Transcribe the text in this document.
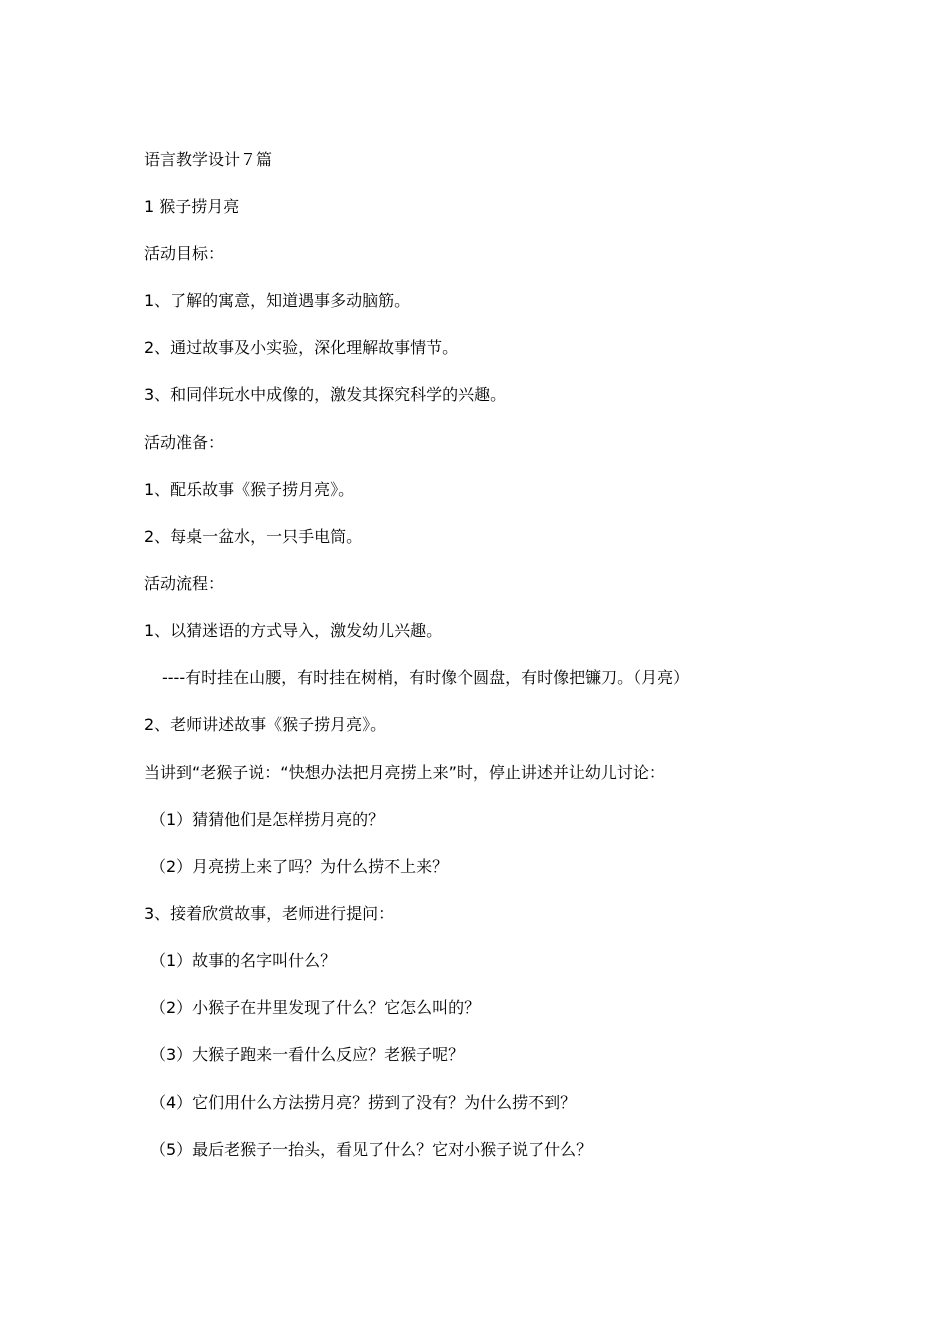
语言教学设计７篇
1 猴子捞月亮
活动目标：
1、了解的寓意，知道遇事多动脑筋。
2、通过故事及小实验，深化理解故事情节。
3、和同伴玩水中成像的，激发其探究科学的兴趣。
活动准备：
1、配乐故事《猴子捞月亮》。
2、每桌一盆水，一只手电筒。
活动流程：
1、以猜迷语的方式导入，激发幼儿兴趣。
----有时挂在山腰，有时挂在树梢，有时像个圆盘，有时像把镰刀。（月亮）
2、老师讲述故事《猴子捞月亮》。
当讲到“老猴子说：“快想办法把月亮捞上来”时，停止讲述并让幼儿讨论：
（1）猜猜他们是怎样捞月亮的？
（2）月亮捞上来了吗？为什么捞不上来？
3、接着欣赏故事，老师进行提问：
（1）故事的名字叫什么？
（2）小猴子在井里发现了什么？它怎么叫的？
（3）大猴子跑来一看什么反应？老猴子呢？
（4）它们用什么方法捞月亮？捞到了没有？为什么捞不到？
（5）最后老猴子一抬头，看见了什么？它对小猴子说了什么？
